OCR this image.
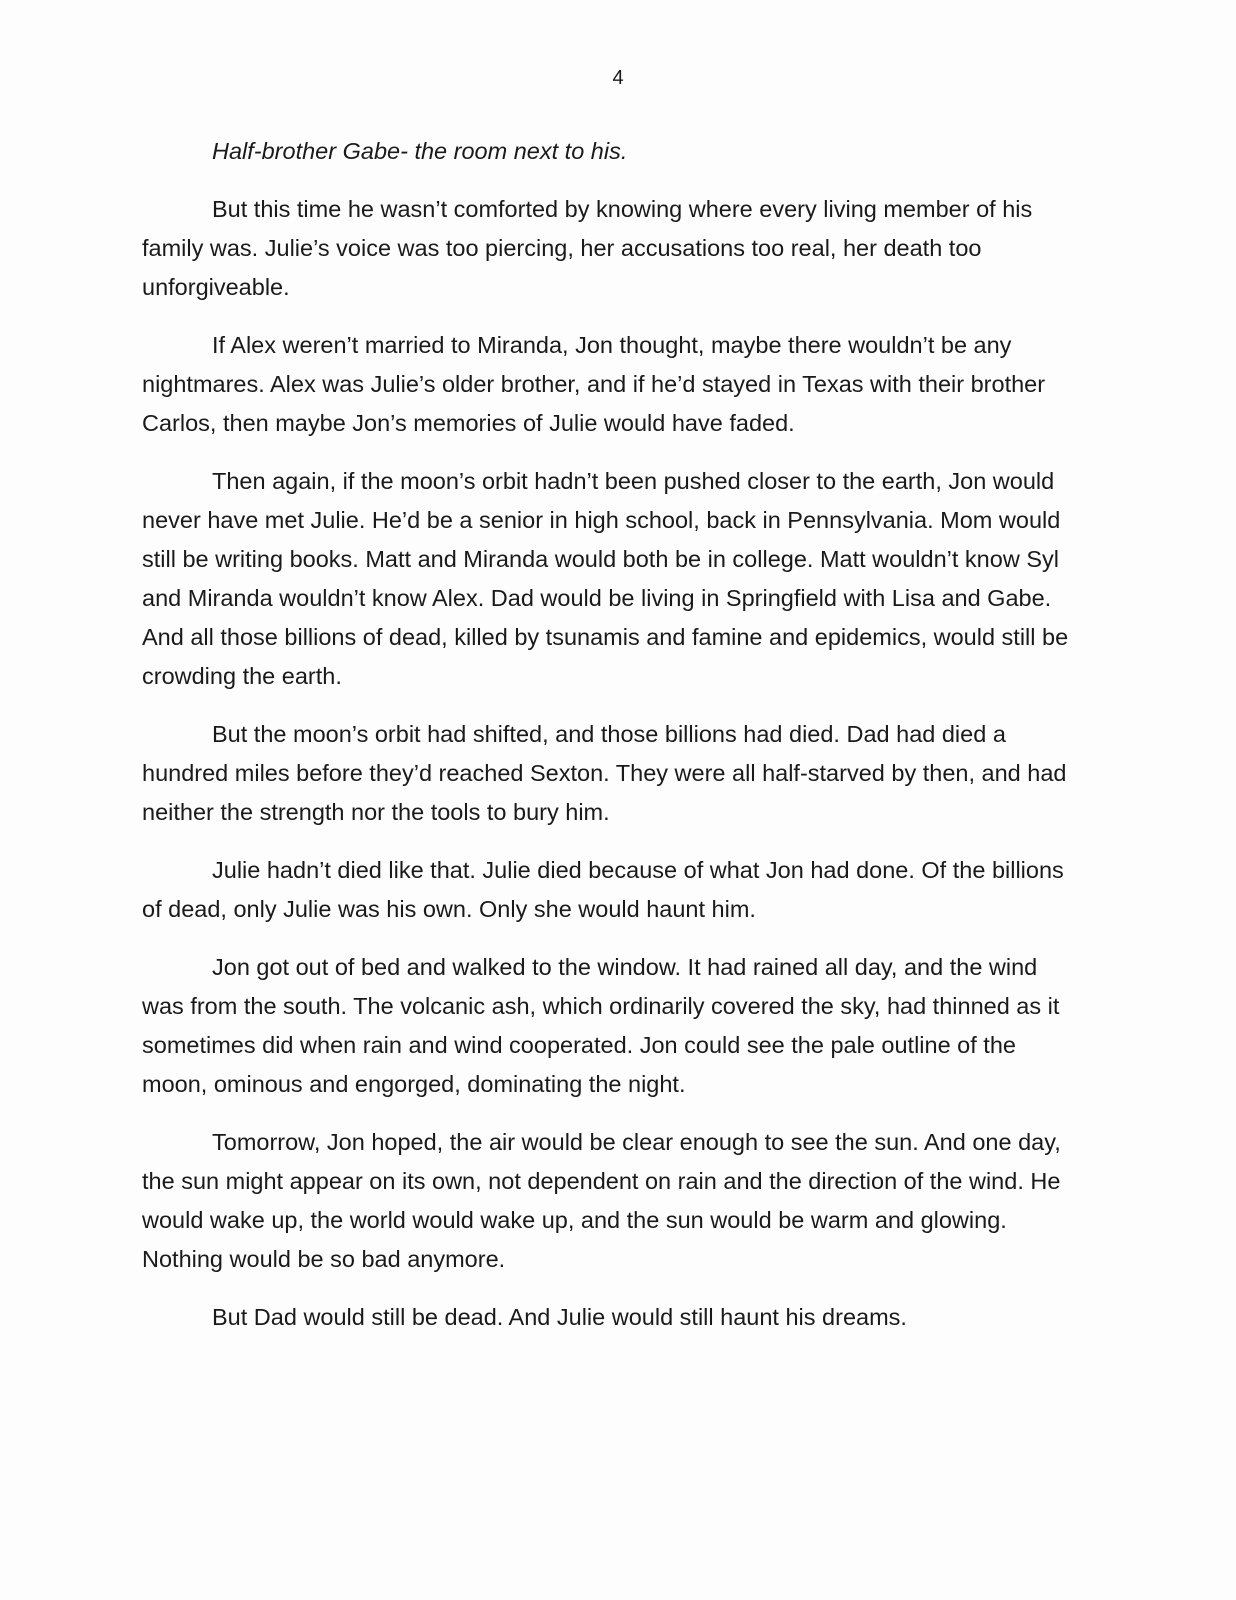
4

Half-brother Gabe- the room next to his.

But this time he wasn’t comforted by knowing where every living member of his family was. Julie’s voice was too piercing, her accusations too real, her death too unforgiveable.

If Alex weren’t married to Miranda, Jon thought, maybe there wouldn’t be any nightmares. Alex was Julie’s older brother, and if he’d stayed in Texas with their brother Carlos, then maybe Jon’s memories of Julie would have faded.

Then again, if the moon’s orbit hadn’t been pushed closer to the earth, Jon would never have met Julie. He’d be a senior in high school, back in Pennsylvania. Mom would still be writing books. Matt and Miranda would both be in college. Matt wouldn’t know Syl and Miranda wouldn’t know Alex. Dad would be living in Springfield with Lisa and Gabe. And all those billions of dead, killed by tsunamis and famine and epidemics, would still be crowding the earth.

But the moon’s orbit had shifted, and those billions had died. Dad had died a hundred miles before they’d reached Sexton. They were all half-starved by then, and had neither the strength nor the tools to bury him.

Julie hadn’t died like that. Julie died because of what Jon had done. Of the billions of dead, only Julie was his own. Only she would haunt him.

Jon got out of bed and walked to the window. It had rained all day, and the wind was from the south. The volcanic ash, which ordinarily covered the sky, had thinned as it sometimes did when rain and wind cooperated. Jon could see the pale outline of the moon, ominous and engorged, dominating the night.

Tomorrow, Jon hoped, the air would be clear enough to see the sun. And one day, the sun might appear on its own, not dependent on rain and the direction of the wind. He would wake up, the world would wake up, and the sun would be warm and glowing. Nothing would be so bad anymore.

But Dad would still be dead. And Julie would still haunt his dreams.
